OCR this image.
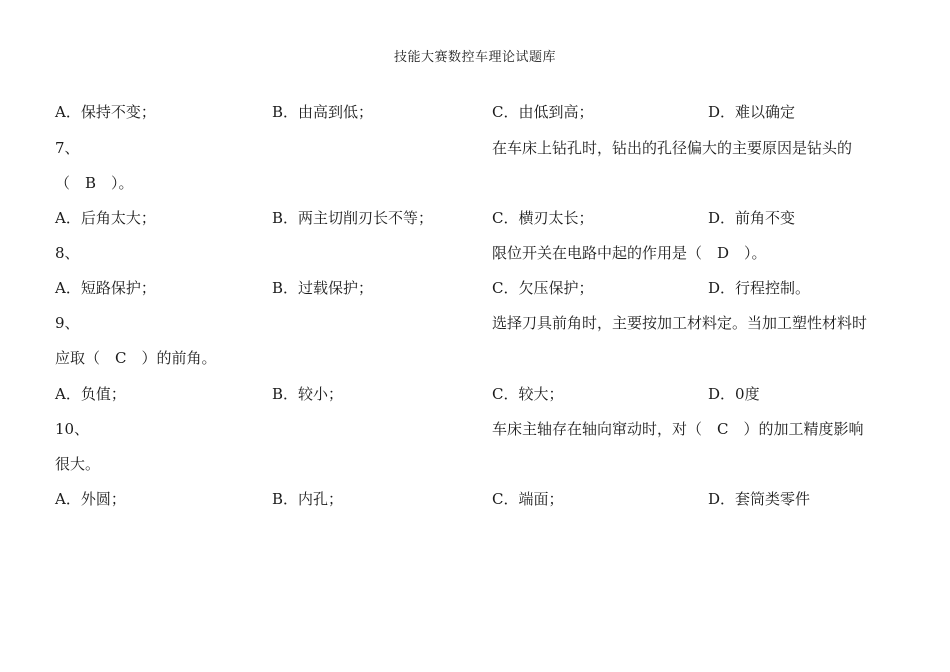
技能大赛数控车理论试题库
A．保持不变；	B．由高到低；	C．由低到高；	D．难以确定
7、	在车床上钻孔时，钻出的孔径偏大的主要原因是钻头的
（　B　）。
A．后角太大；	B．两主切削刃长不等；	C．横刃太长；	D．前角不变
8、	限位开关在电路中起的作用是（　D　）。
A．短路保护；	B．过载保护；	C．欠压保护；	D．行程控制。
9、	选择刀具前角时，主要按加工材料定。当加工塑性材料时
应取（　C　）的前角。
A．负值；	B．较小；	C．较大；	D．0度
10、	车床主轴存在轴向窜动时，对（　C　）的加工精度影响
很大。
A．外圆；	B．内孔；	C．端面；	D．套筒类零件
